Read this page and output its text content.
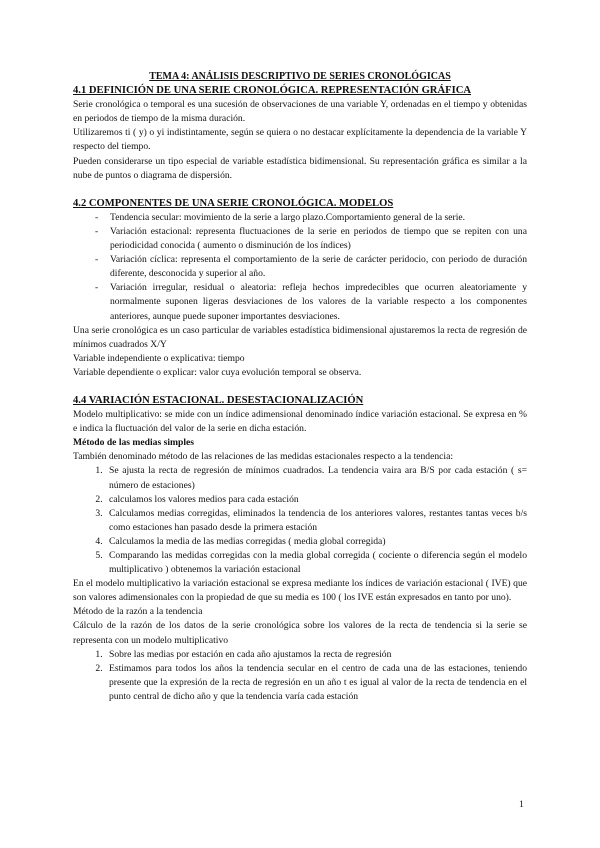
TEMA 4: ANÁLISIS DESCRIPTIVO DE SERIES CRONOLÓGICAS

4.1 DEFINICIÓN DE UNA SERIE CRONOLÓGICA. REPRESENTACIÓN GRÁFICA

Serie cronológica o temporal es una sucesión de observaciones de una variable Y, ordenadas en el tiempo y obtenidas en periodos de tiempo de la misma duración.

Utilizaremos ti ( y) o yi indistintamente, según se quiera o no destacar explícitamente la dependencia de la variable Y respecto del tiempo.

Pueden considerarse un tipo especial de variable estadística bidimensional. Su representación gráfica es similar a la nube de puntos o diagrama de dispersión.

4.2 COMPONENTES DE UNA SERIE CRONOLÓGICA. MODELOS

- Tendencia secular: movimiento de la serie a largo plazo.Comportamiento general de la serie.
- Variación estacional: representa fluctuaciones de la serie en periodos de tiempo que se repiten con una periodicidad conocida ( aumento o disminución de los índices)
- Variación cíclica: representa el comportamiento de la serie de carácter peridocio, con periodo de duración diferente, desconocida y superior al año.
- Variación irregular, residual o aleatoria: refleja hechos impredecibles que ocurren aleatoriamente y normalmente suponen ligeras desviaciones de los valores de la variable respecto a los componentes anteriores, aunque puede suponer importantes desviaciones.

Una serie cronológica es un caso particular de variables estadística bidimensional ajustaremos la recta de regresión de mínimos cuadrados X/Y

Variable independiente o explicativa: tiempo

Variable dependiente o explicar: valor cuya evolución temporal se observa.

4.4 VARIACIÓN ESTACIONAL. DESESTACIONALIZACIÓN

Modelo multiplicativo: se mide con un índice adimensional denominado índice variación estacional. Se expresa en % e indica la fluctuación del valor de la serie en dicha estación.

Método de las medias simples

También denominado método de las relaciones de las medidas estacionales respecto a la tendencia:

1. Se ajusta la recta de regresión de mínimos cuadrados. La tendencia vaira ara B/S por cada estación ( s= número de estaciones)
2. calculamos los valores medios para cada estación
3. Calculamos medias corregidas, eliminados la tendencia de los anteriores valores, restantes tantas veces b/s como estaciones han pasado desde la primera estación
4. Calculamos la media de las medias corregidas ( media global corregida)
5. Comparando las medidas corregidas con la media global corregida ( cociente o diferencia según el modelo multiplicativo ) obtenemos la variación estacional

En el modelo multiplicativo la variación estacional se expresa mediante los índices de variación estacional ( IVE) que son valores adimensionales con la propiedad de que su media es 100 ( los IVE están expresados en tanto por uno).

Método de la razón a la tendencia

Cálculo de la razón de los datos de la serie cronológica sobre los valores de la recta de tendencia si la serie se representa con un modelo multiplicativo

1. Sobre las medias por estación en cada año ajustamos la recta de regresión
2. Estimamos para todos los años la tendencia secular en el centro de cada una de las estaciones, teniendo presente que la expresión de la recta de regresión en un año t es igual al valor de la recta de tendencia en el punto central de dicho año y que la tendencia varía cada estación
1
